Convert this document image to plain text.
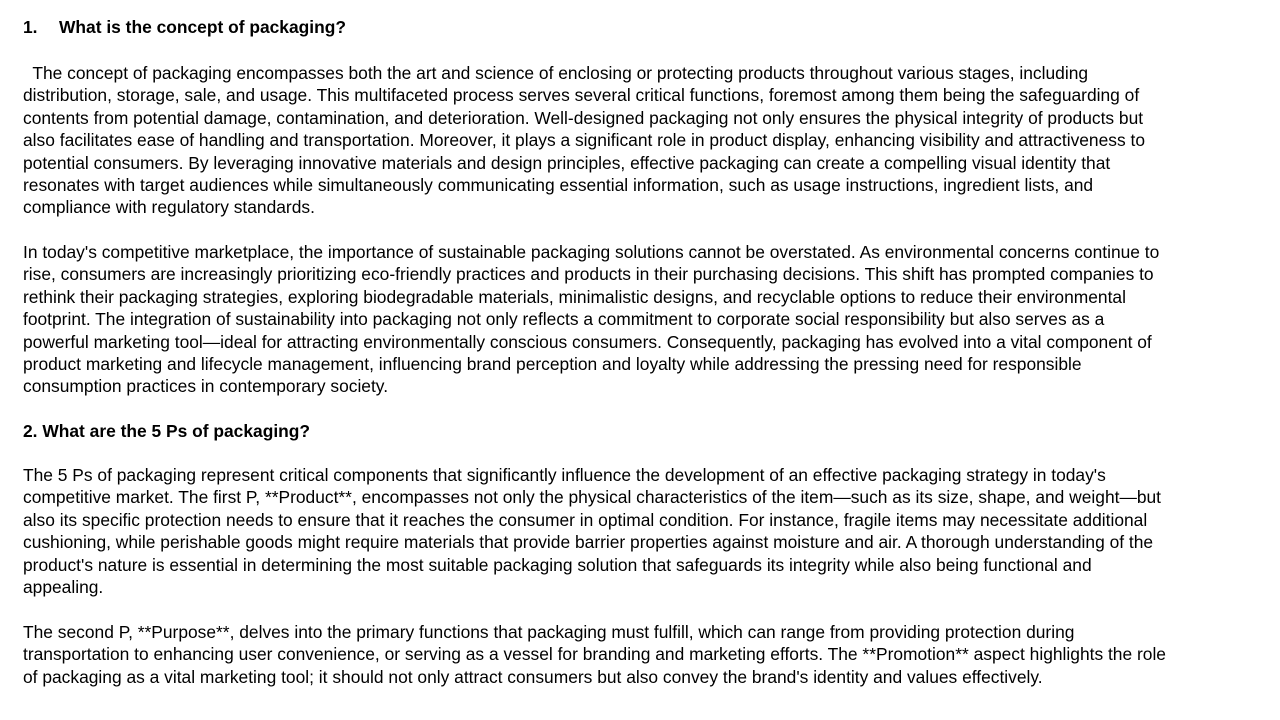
1. What is the concept of packaging?
The concept of packaging encompasses both the art and science of enclosing or protecting products throughout various stages, including
distribution, storage, sale, and usage. This multifaceted process serves several critical functions, foremost among them being the safeguarding of
contents from potential damage, contamination, and deterioration. Well-designed packaging not only ensures the physical integrity of products but
also facilitates ease of handling and transportation. Moreover, it plays a significant role in product display, enhancing visibility and attractiveness to
potential consumers. By leveraging innovative materials and design principles, effective packaging can create a compelling visual identity that
resonates with target audiences while simultaneously communicating essential information, such as usage instructions, ingredient lists, and
compliance with regulatory standards.
In today's competitive marketplace, the importance of sustainable packaging solutions cannot be overstated. As environmental concerns continue to
rise, consumers are increasingly prioritizing eco-friendly practices and products in their purchasing decisions. This shift has prompted companies to
rethink their packaging strategies, exploring biodegradable materials, minimalistic designs, and recyclable options to reduce their environmental
footprint. The integration of sustainability into packaging not only reflects a commitment to corporate social responsibility but also serves as a
powerful marketing tool—ideal for attracting environmentally conscious consumers. Consequently, packaging has evolved into a vital component of
product marketing and lifecycle management, influencing brand perception and loyalty while addressing the pressing need for responsible
consumption practices in contemporary society.
2. What are the 5 Ps of packaging?
The 5 Ps of packaging represent critical components that significantly influence the development of an effective packaging strategy in today's
competitive market. The first P, **Product**, encompasses not only the physical characteristics of the item—such as its size, shape, and weight—but
also its specific protection needs to ensure that it reaches the consumer in optimal condition. For instance, fragile items may necessitate additional
cushioning, while perishable goods might require materials that provide barrier properties against moisture and air. A thorough understanding of the
product's nature is essential in determining the most suitable packaging solution that safeguards its integrity while also being functional and
appealing.
The second P, **Purpose**, delves into the primary functions that packaging must fulfill, which can range from providing protection during
transportation to enhancing user convenience, or serving as a vessel for branding and marketing efforts. The **Promotion** aspect highlights the role
of packaging as a vital marketing tool; it should not only attract consumers but also convey the brand's identity and values effectively.
